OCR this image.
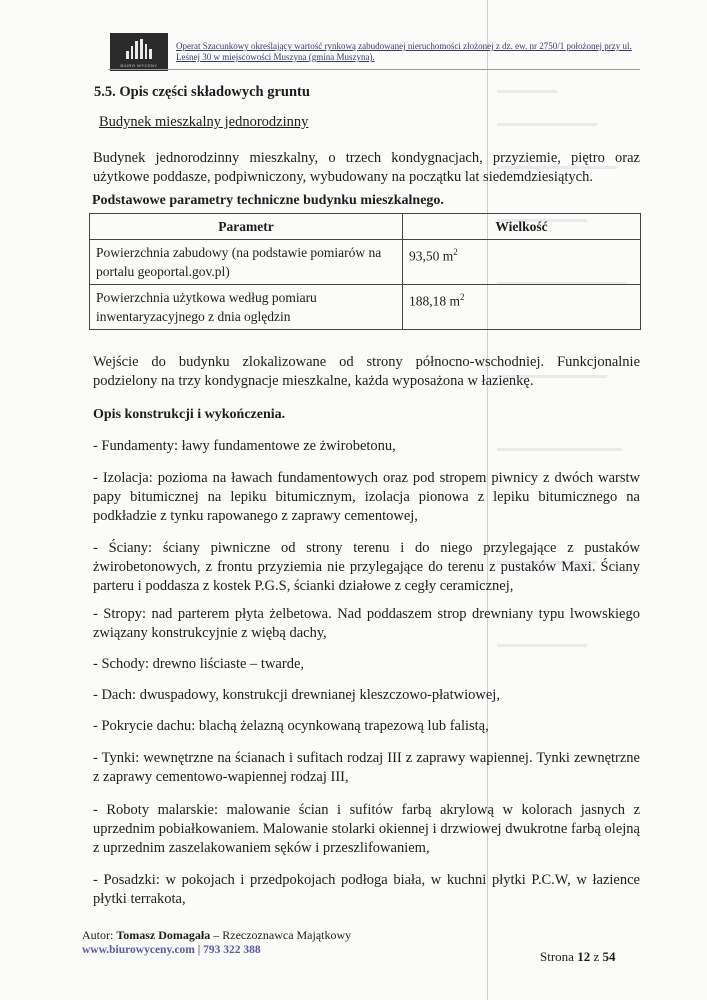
BIURO WYCENY
Operat Szacunkowy określający wartość rynkową zabudowanej nieruchomości złożonej z dz. ew. nr 2750/1 położonej przy ul. Leśnej 30 w miejscowości Muszyna (gmina Muszyna).
5.5. Opis części składowych gruntu
Budynek mieszkalny jednorodzinny
Budynek jednorodzinny mieszkalny, o trzech kondygnacjach, przyziemie, piętro oraz użytkowe poddasze, podpiwniczony, wybudowany na początku lat siedemdziesiątych.
Podstawowe parametry techniczne budynku mieszkalnego.
Parametr	Wielkość
Powierzchnia zabudowy (na podstawie pomiarów na portalu geoportal.gov.pl)	93,50 $m^2$
Powierzchnia użytkowa według pomiaru inwentaryzacyjnego z dnia oględzin	188,18 $m^2$
Wejście do budynku zlokalizowane od strony północno-wschodniej. Funkcjonalnie podzielony na trzy kondygnacje mieszkalne, każda wyposażona w łazienkę.
Opis konstrukcji i wykończenia.
- Fundamenty: ławy fundamentowe ze żwirobetonu,
- Izolacja: pozioma na ławach fundamentowych oraz pod stropem piwnicy z dwóch warstw papy bitumicznej na lepiku bitumicznym, izolacja pionowa z lepiku bitumicznego na podkładzie z tynku rapowanego z zaprawy cementowej,
- Ściany: ściany piwniczne od strony terenu i do niego przylegające z pustaków żwirobetonowych, z frontu przyziemia nie przylegające do terenu z pustaków Maxi. Ściany parteru i poddasza z kostek P.G.S, ścianki działowe z cegły ceramicznej,
- Stropy: nad parterem płyta żelbetowa. Nad poddaszem strop drewniany typu lwowskiego związany konstrukcyjnie z więbą dachy,
- Schody: drewno liściaste – twarde,
- Dach: dwuspadowy, konstrukcji drewnianej kleszczowo-płatwiowej,
- Pokrycie dachu: blachą żelazną ocynkowaną trapezową lub falistą,
- Tynki: wewnętrzne na ścianach i sufitach rodzaj III z zaprawy wapiennej. Tynki zewnętrzne z zaprawy cementowo-wapiennej rodzaj III,
- Roboty malarskie: malowanie ścian i sufitów farbą akrylową w kolorach jasnych z uprzednim pobiałkowaniem. Malowanie stolarki okiennej i drzwiowej dwukrotne farbą olejną z uprzednim zaszelakowaniem sęków i przeszlifowaniem,
- Posadzki: w pokojach i przedpokojach podłoga biała, w kuchni płytki P.C.W, w łazience płytki terrakota,
Autor: Tomasz Domagała – Rzeczoznawca Majątkowy
www.biurowyceny.com | 793 322 388	Strona 12 z 54
